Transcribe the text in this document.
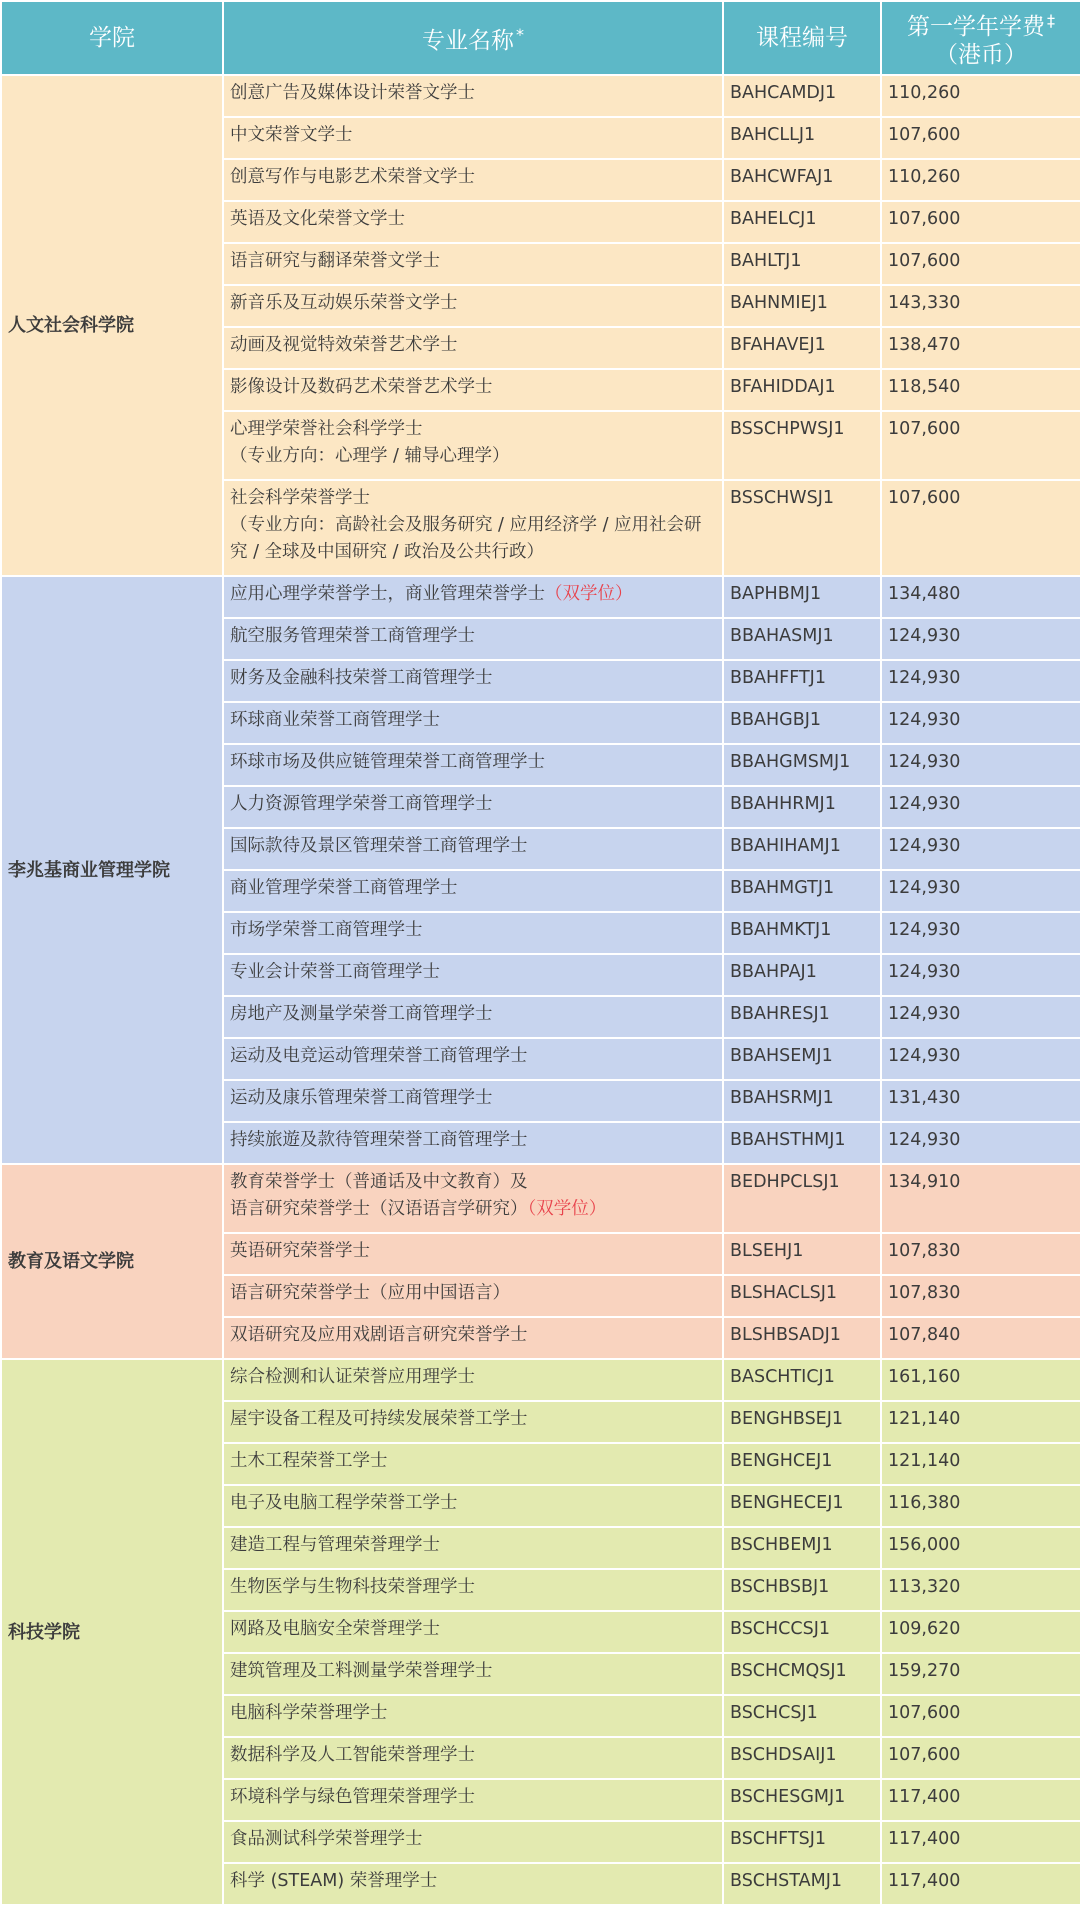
学院	专业名称 *	课程编号	第一学年学费 ‡
（港币）
人文社会科学院	创意广告及媒体设计荣誉文学士	BAHCAMDJ1	110,260
	中文荣誉文学士	BAHCLLJ1	107,600
	创意写作与电影艺术荣誉文学士	BAHCWFAJ1	110,260
	英语及文化荣誉文学士	BAHELCJ1	107,600
	语言研究与翻译荣誉文学士	BAHLTJ1	107,600
	新音乐及互动娱乐荣誉文学士	BAHNMIEJ1	143,330
	动画及视觉特效荣誉艺术学士	BFAHAVEJ1	138,470
	影像设计及数码艺术荣誉艺术学士	BFAHIDDAJ1	118,540
	心理学荣誉社会科学学士
（专业方向：心理学 / 辅导心理学）	BSSCHPWSJ1	107,600
	社会科学荣誉学士
（专业方向：高龄社会及服务研究 / 应用经济学 / 应用社会研究 / 全球及中国研究 / 政治及公共行政）	BSSCHWSJ1	107,600
李兆基商业管理学院	应用心理学荣誉学士，商业管理荣誉学士（双学位）	BAPHBMJ1	134,480
	航空服务管理荣誉工商管理学士	BBAHASMJ1	124,930
	财务及金融科技荣誉工商管理学士	BBAHFFTJ1	124,930
	环球商业荣誉工商管理学士	BBAHGBJ1	124,930
	环球市场及供应链管理荣誉工商管理学士	BBAHGMSMJ1	124,930
	人力资源管理学荣誉工商管理学士	BBAHHRMJ1	124,930
	国际款待及景区管理荣誉工商管理学士	BBAHIHAMJ1	124,930
	商业管理学荣誉工商管理学士	BBAHMGTJ1	124,930
	市场学荣誉工商管理学士	BBAHMKTJ1	124,930
	专业会计荣誉工商管理学士	BBAHPAJ1	124,930
	房地产及测量学荣誉工商管理学士	BBAHRESJ1	124,930
	运动及电竞运动管理荣誉工商管理学士	BBAHSEMJ1	124,930
	运动及康乐管理荣誉工商管理学士	BBAHSRMJ1	131,430
	持续旅遊及款待管理荣誉工商管理学士	BBAHSTHMJ1	124,930
教育及语文学院	教育荣誉学士（普通话及中文教育）及
语言研究荣誉学士（汉语语言学研究）（双学位）	BEDHPCLSJ1	134,910
	英语研究荣誉学士	BLSEHJ1	107,830
	语言研究荣誉学士（应用中国语言）	BLSHACLSJ1	107,830
	双语研究及应用戏剧语言研究荣誉学士	BLSHBSADJ1	107,840
科技学院	综合检测和认证荣誉应用理学士	BASCHTICJ1	161,160
	屋宇设备工程及可持续发展荣誉工学士	BENGHBSEJ1	121,140
	土木工程荣誉工学士	BENGHCEJ1	121,140
	电子及电脑工程学荣誉工学士	BENGHECEJ1	116,380
	建造工程与管理荣誉理学士	BSCHBEMJ1	156,000
	生物医学与生物科技荣誉理学士	BSCHBSBJ1	113,320
	网路及电脑安全荣誉理学士	BSCHCCSJ1	109,620
	建筑管理及工料测量学荣誉理学士	BSCHCMQSJ1	159,270
	电脑科学荣誉理学士	BSCHCSJ1	107,600
	数据科学及人工智能荣誉理学士	BSCHDSAIJ1	107,600
	环境科学与绿色管理荣誉理学士	BSCHESGMJ1	117,400
	食品测试科学荣誉理学士	BSCHFTSJ1	117,400
	科学 (STEAM) 荣誉理学士	BSCHSTAMJ1	117,400
